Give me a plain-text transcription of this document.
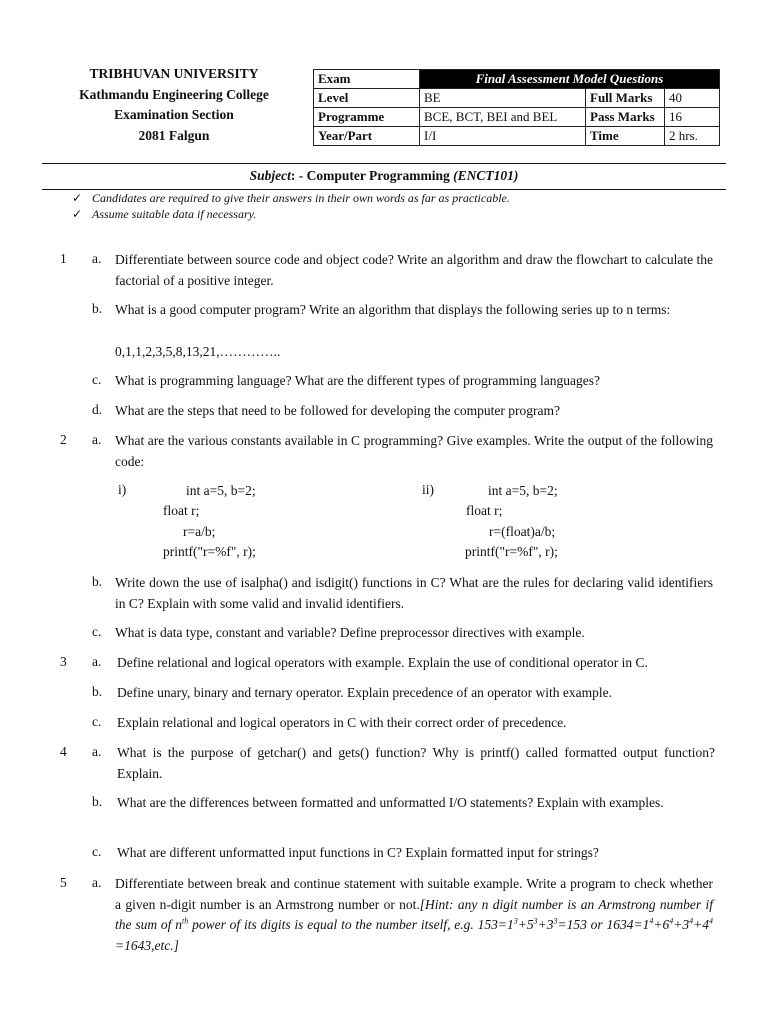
TRIBHUVAN UNIVERSITY
Kathmandu Engineering College
Examination Section
2081 Falgun
Exam	Final Assessment Model Questions		
Level	BE	Full Marks	40
Programme	BCE, BCT, BEI and BEL	Pass Marks	16
Year/Part	I/I	Time	2 hrs.
Subject: - Computer Programming (ENCT101)
✓ Candidates are required to give their answers in their own words as far as practicable.
✓ Assume suitable data if necessary.
1 a. Differentiate between source code and object code? Write an algorithm and draw the flowchart to calculate the factorial of a positive integer.
b. What is a good computer program? Write an algorithm that displays the following series up to n terms:
0,1,1,2,3,5,8,13,21,…………..
c. What is programming language? What are the different types of programming languages?
d. What are the steps that need to be followed for developing the computer program?
2 a. What are the various constants available in C programming? Give examples. Write the output of the following code:
i)	int a=5, b=2;
float r;
r=a/b;
printf("r=%f", r);
ii)	int a=5, b=2;
float r;
r=(float)a/b;
printf("r=%f", r);
b. Write down the use of isalpha() and isdigit() functions in C? What are the rules for declaring valid identifiers in C? Explain with some valid and invalid identifiers.
c. What is data type, constant and variable? Define preprocessor directives with example.
3 a. Define relational and logical operators with example. Explain the use of conditional operator in C.
b. Define unary, binary and ternary operator. Explain precedence of an operator with example.
c. Explain relational and logical operators in C with their correct order of precedence.
4 a. What is the purpose of getchar() and gets() function? Why is printf() called formatted output function? Explain.
b. What are the differences between formatted and unformatted I/O statements? Explain with examples.
c. What are different unformatted input functions in C? Explain formatted input for strings?
5 a. Differentiate between break and continue statement with suitable example. Write a program to check whether a given n-digit number is an Armstrong number or not.[Hint: any n digit number is an Armstrong number if the sum of $n^{th}$ power of its digits is equal to the number itself, e.g. $153=1^3+5^3+3^3=153$ or $1634=1^4+6^4+3^4+4^4 =1643,etc$.]
